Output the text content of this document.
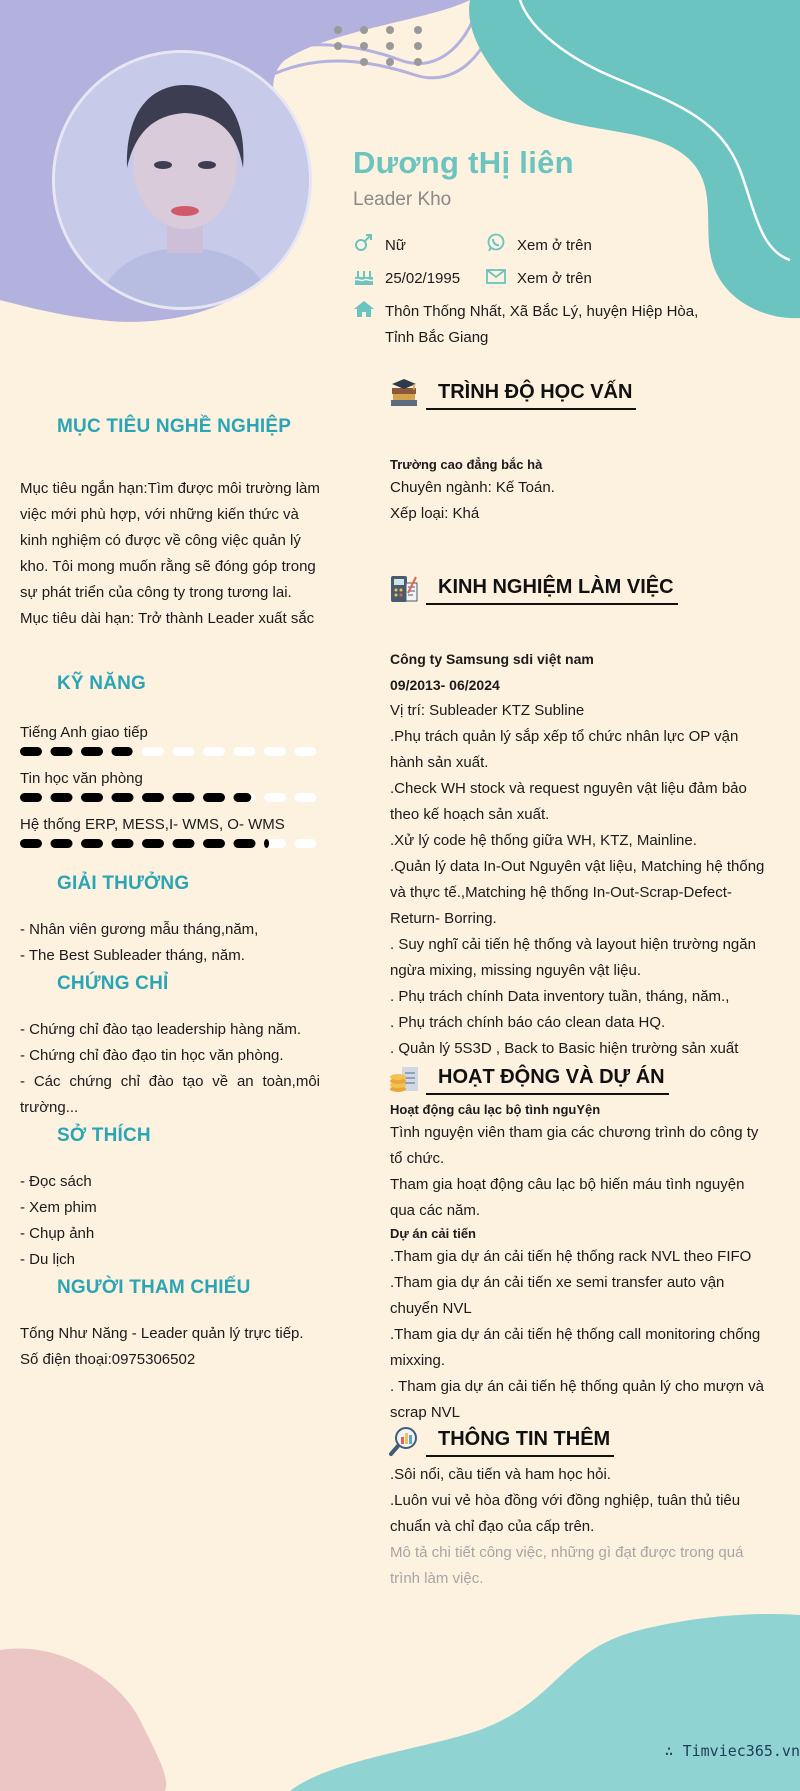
Dương tHị liên
Leader Kho
Nữ	Xem ở trên
25/02/1995	Xem ở trên
Thôn Thống Nhất, Xã Bắc Lý, huyện Hiệp Hòa,
Tỉnh Bắc Giang
MỤC TIÊU NGHỀ NGHIỆP
Mục tiêu ngắn hạn:Tìm được môi trường làm
việc mới phù hợp, với những kiến thức và
kinh nghiệm có được về công việc quản lý
kho. Tôi mong muốn rằng sẽ đóng góp trong
sự phát triển của công ty trong tương lai.
Mục tiêu dài hạn: Trở thành Leader xuất sắc
KỸ NĂNG
Tiếng Anh giao tiếp
Tin học văn phòng
Hệ thống ERP, MESS,I- WMS, O- WMS
GIẢI THƯỞNG
- Nhân viên gương mẫu tháng,năm,
- The Best Subleader tháng, năm.
CHỨNG CHỈ
- Chứng chỉ đào tạo leadership hàng năm.
- Chứng chỉ đào đạo tin học văn phòng.
- Các chứng chỉ đào tạo về an toàn,môi
trường...
SỞ THÍCH
- Đọc sách
- Xem phim
- Chụp ảnh
- Du lịch
NGƯỜI THAM CHIẾU
Tống Như Năng - Leader quản lý trực tiếp.
Số điện thoại:0975306502
TRÌNH ĐỘ HỌC VẤN
Trường cao đẳng bắc hà
Chuyên ngành: Kế Toán.
Xếp loại: Khá
KINH NGHIỆM LÀM VIỆC
Công ty Samsung sdi việt nam
09/2013- 06/2024
Vị trí: Subleader KTZ Subline
.Phụ trách quản lý sắp xếp tổ chức nhân lực OP vận
hành sản xuất.
.Check WH stock và request nguyên vật liệu đảm bảo
theo kế hoạch sản xuất.
.Xử lý code hệ thống giữa WH, KTZ, Mainline.
.Quản lý data In-Out Nguyên vật liệu, Matching hệ thống
và thực tế.,Matching hệ thống In-Out-Scrap-Defect-
Return- Borring.
. Suy nghĩ cải tiến hệ thống và layout hiện trường ngăn
ngừa mixing, missing nguyên vật liệu.
. Phụ trách chính Data inventory tuần, tháng, năm.,
. Phụ trách chính báo cáo clean data HQ.
. Quản lý 5S3D , Back to Basic hiện trường sản xuất
HOẠT ĐỘNG VÀ DỰ ÁN
Hoạt động câu lạc bộ tình nguYện
Tình nguyện viên tham gia các chương trình do công ty
tổ chức.
Tham gia hoạt động câu lạc bộ hiến máu tình nguyện
qua các năm.
Dự án cải tiến
.Tham gia dự án cải tiến hệ thống rack NVL theo FIFO
.Tham gia dự án cải tiến xe semi transfer auto vận
chuyển NVL
.Tham gia dự án cải tiến hệ thống call monitoring chống
mixxing.
. Tham gia dự án cải tiến hệ thống quản lý cho mượn và
scrap NVL
THÔNG TIN THÊM
.Sôi nổi, cầu tiến và ham học hỏi.
.Luôn vui vẻ hòa đồng với đồng nghiệp, tuân thủ tiêu
chuẩn và chỉ đạo của cấp trên.
Mô tả chi tiết công việc, những gì đạt được trong quá
trình làm việc.
∴ Timviec365.vn
